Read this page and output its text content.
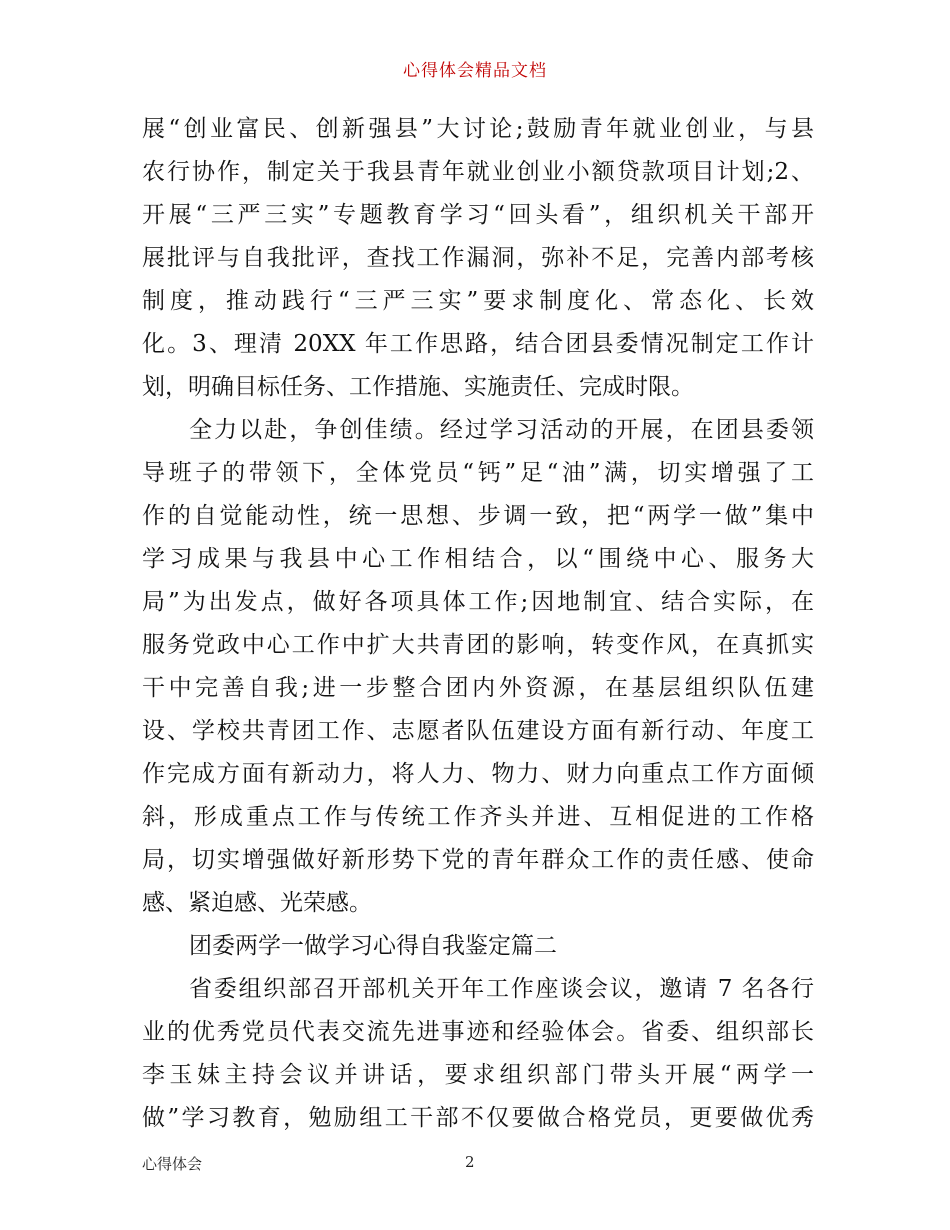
心得体会精品文档
展“创业富民、创新强县”大讨论;鼓励青年就业创业，与县
农行协作，制定关于我县青年就业创业小额贷款项目计划;2、
开展“三严三实”专题教育学习“回头看”，组织机关干部开
展批评与自我批评，查找工作漏洞，弥补不足，完善内部考核
制度，推动践行“三严三实”要求制度化、常态化、长效
化。3、理清 20XX 年工作思路，结合团县委情况制定工作计
划，明确目标任务、工作措施、实施责任、完成时限。
全力以赴，争创佳绩。经过学习活动的开展，在团县委领
导班子的带领下，全体党员“钙”足“油”满，切实增强了工
作的自觉能动性，统一思想、步调一致，把“两学一做”集中
学习成果与我县中心工作相结合，以“围绕中心、服务大
局”为出发点，做好各项具体工作;因地制宜、结合实际，在
服务党政中心工作中扩大共青团的影响，转变作风，在真抓实
干中完善自我;进一步整合团内外资源，在基层组织队伍建
设、学校共青团工作、志愿者队伍建设方面有新行动、年度工
作完成方面有新动力，将人力、物力、财力向重点工作方面倾
斜，形成重点工作与传统工作齐头并进、互相促进的工作格
局，切实增强做好新形势下党的青年群众工作的责任感、使命
感、紧迫感、光荣感。
团委两学一做学习心得自我鉴定篇二
省委组织部召开部机关开年工作座谈会议，邀请 7 名各行
业的优秀党员代表交流先进事迹和经验体会。省委、组织部长
李玉妹主持会议并讲话，要求组织部门带头开展“两学一
做”学习教育，勉励组工干部不仅要做合格党员，更要做优秀
心得体会	2
